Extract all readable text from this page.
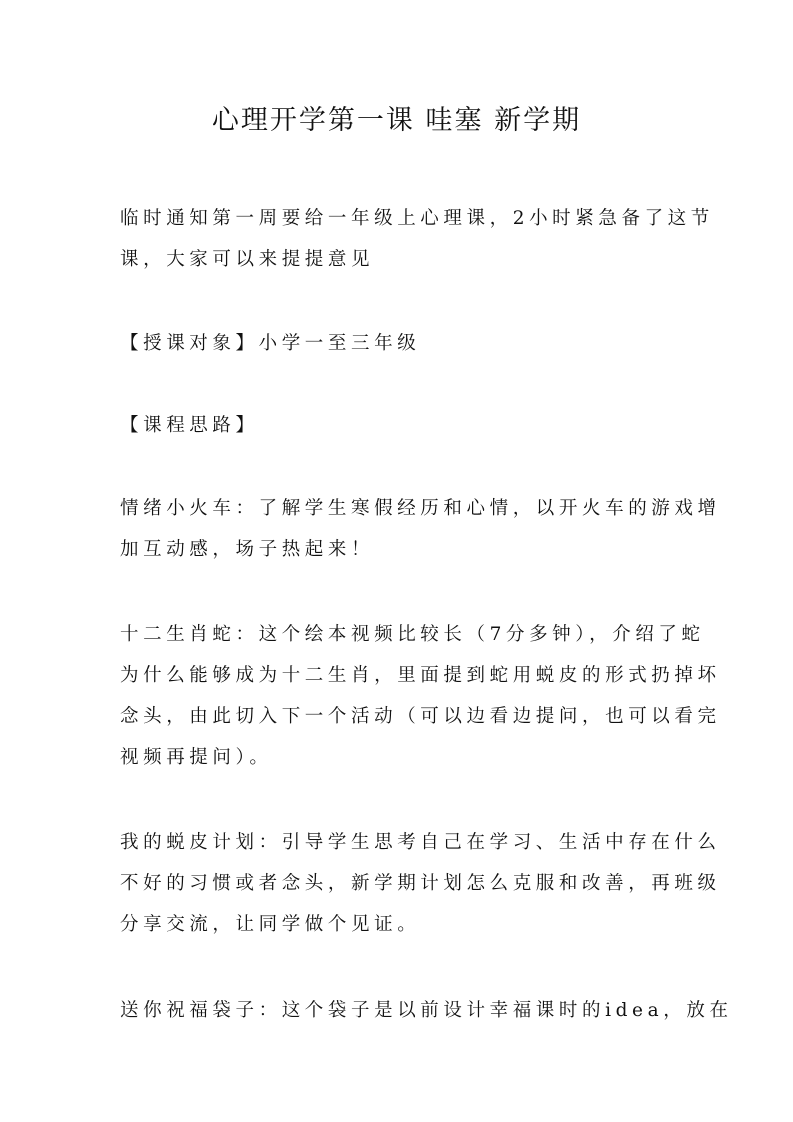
心理开学第一课 哇塞 新学期
临时通知第一周要给一年级上心理课，2小时紧急备了这节
课，大家可以来提提意见
【授课对象】小学一至三年级
【课程思路】
情绪小火车：了解学生寒假经历和心情，以开火车的游戏增
加互动感，场子热起来！
十二生肖蛇：这个绘本视频比较长（7分多钟），介绍了蛇
为什么能够成为十二生肖，里面提到蛇用蜕皮的形式扔掉坏
念头，由此切入下一个活动（可以边看边提问，也可以看完
视频再提问）。
我的蜕皮计划：引导学生思考自己在学习、生活中存在什么
不好的习惯或者念头，新学期计划怎么克服和改善，再班级
分享交流，让同学做个见证。
送你祝福袋子：这个袋子是以前设计幸福课时的idea，放在
